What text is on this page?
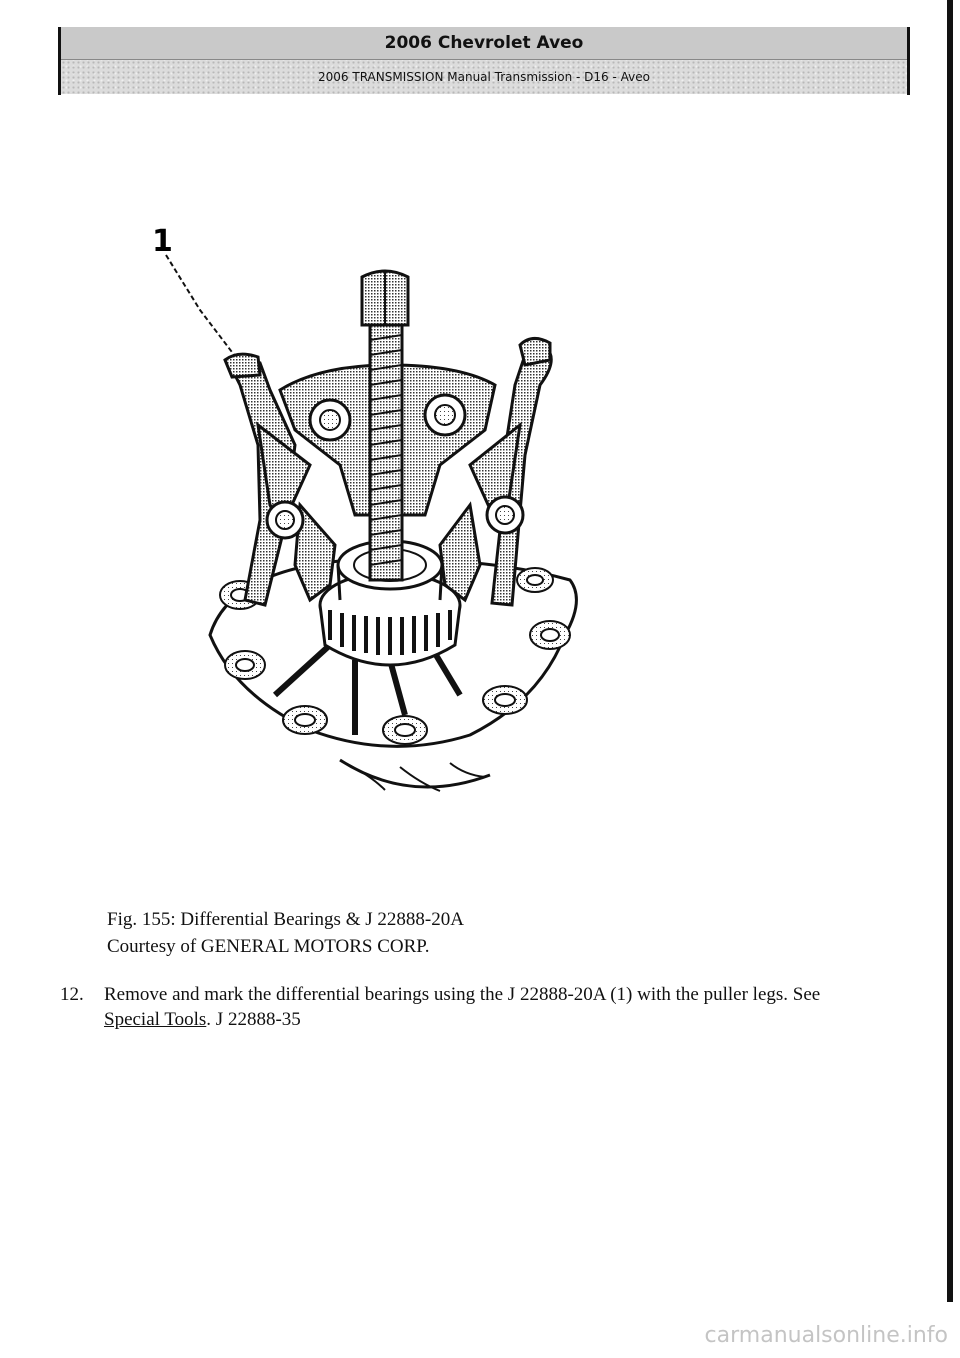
2006 Chevrolet Aveo
2006 TRANSMISSION Manual Transmission - D16 - Aveo
1
Fig. 155: Differential Bearings & J 22888-20A
Courtesy of GENERAL MOTORS CORP.
12. Remove and mark the differential bearings using the J 22888-20A (1) with the puller legs. See Special Tools. J 22888-35
carmanualsonline.info
